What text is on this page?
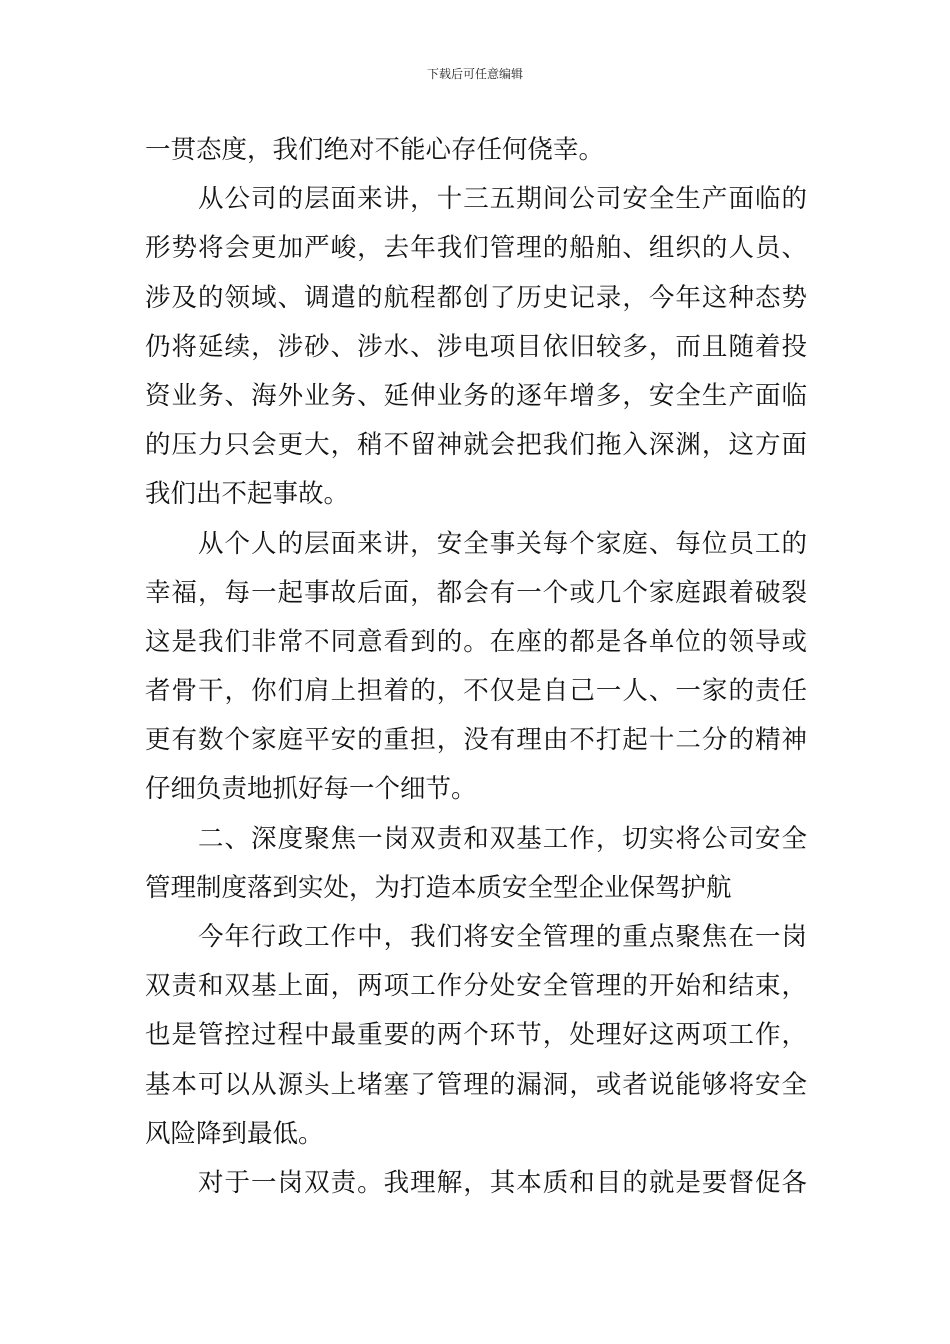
下载后可任意编辑
一贯态度，我们绝对不能心存任何侥幸。
从公司的层面来讲，十三五期间公司安全生产面临的
形势将会更加严峻，去年我们管理的船舶、组织的人员、
涉及的领域、调遣的航程都创了历史记录，今年这种态势
仍将延续，涉砂、涉水、涉电项目依旧较多，而且随着投
资业务、海外业务、延伸业务的逐年增多，安全生产面临
的压力只会更大，稍不留神就会把我们拖入深渊，这方面
我们出不起事故。
从个人的层面来讲，安全事关每个家庭、每位员工的
幸福，每一起事故后面，都会有一个或几个家庭跟着破裂
这是我们非常不同意看到的。在座的都是各单位的领导或
者骨干，你们肩上担着的，不仅是自己一人、一家的责任
更有数个家庭平安的重担，没有理由不打起十二分的精神
仔细负责地抓好每一个细节。
二、深度聚焦一岗双责和双基工作，切实将公司安全
管理制度落到实处，为打造本质安全型企业保驾护航
今年行政工作中，我们将安全管理的重点聚焦在一岗
双责和双基上面，两项工作分处安全管理的开始和结束，
也是管控过程中最重要的两个环节，处理好这两项工作，
基本可以从源头上堵塞了管理的漏洞，或者说能够将安全
风险降到最低。
对于一岗双责。我理解，其本质和目的就是要督促各
